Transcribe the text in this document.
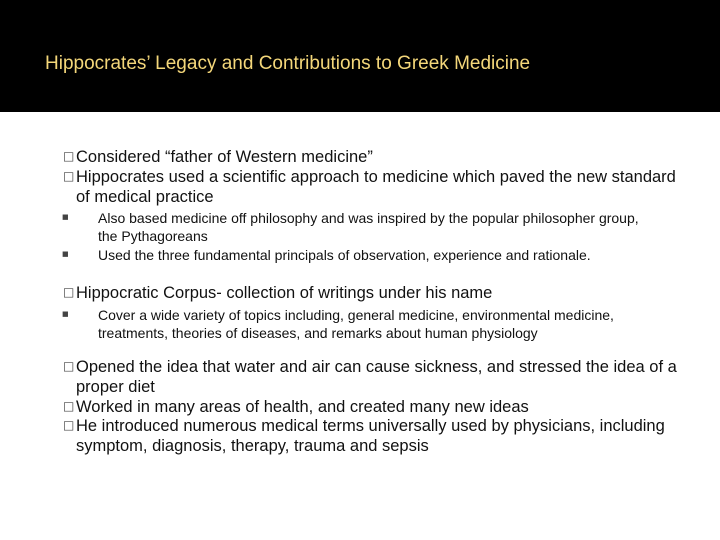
Hippocrates’ Legacy and Contributions to Greek Medicine
□ Considered “father of Western medicine”
□ Hippocrates used a scientific approach to medicine which paved the new standard of medical practice
■ Also based medicine off philosophy and was inspired by the popular philosopher group, the Pythagoreans
■ Used the three fundamental principals of observation, experience and rationale.
□ Hippocratic Corpus- collection of writings under his name
■ Cover a wide variety of topics including, general medicine, environmental medicine, treatments, theories of diseases, and remarks about human physiology
□ Opened the idea that water and air can cause sickness, and stressed the idea of a proper diet
□ Worked in many areas of health, and created many new ideas
□ He introduced numerous medical terms universally used by physicians, including symptom, diagnosis, therapy, trauma and sepsis
